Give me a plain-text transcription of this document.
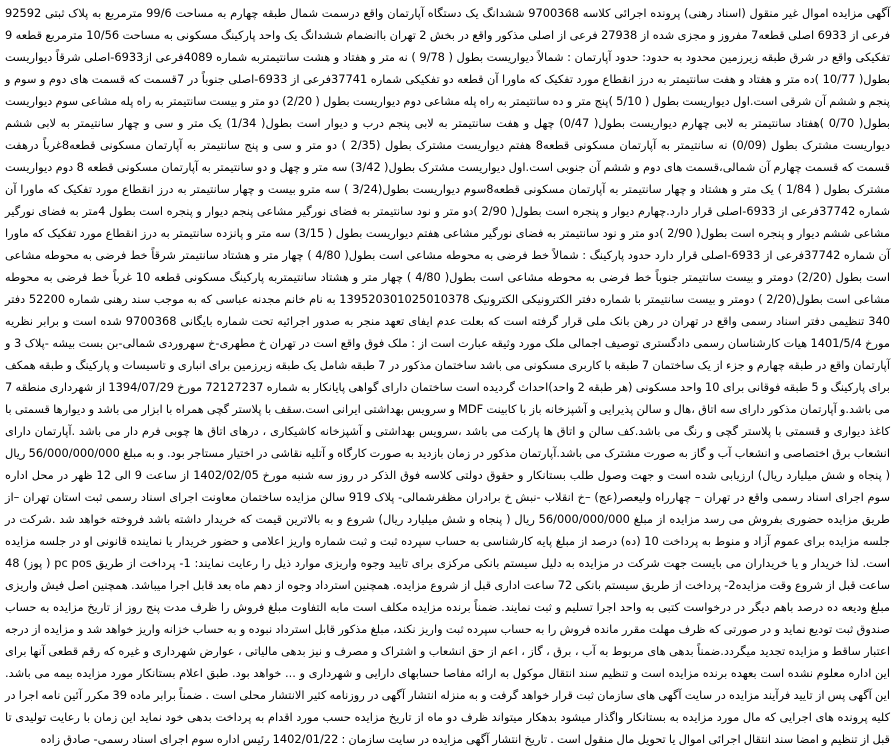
آگهی مزایده اموال غیر منقول (اسناد رهنی) پرونده اجرائی کلاسه 9700368 ششدانگ یک دستگاه آپارتمان واقع درسمت شمال طبقه چهارم به مساحت 99/6 مترمربع به پلاک ثبتی 92592 فرعی از 6933 اصلی قطعه7 مفروز و مجزی شده از 27938 فرعی از اصلی مذکور واقع در بخش 2 تهران باانضمام ششدانگ یک واحد پارکینگ مسکونی به مساحت 10/56 مترمربع قطعه 9 تفکیکی واقع در شرق طبقه زیرزمین محدود به حدود: حدود آپارتمان : شمالاً دیواریست بطول ( 9/78 ) نه متر و هفتاد و هشت سانتیمتربه شماره 4089فرعی از6933-اصلی شرقاً دیواریست بطول( 10/77 )ده متر و هفتاد و هفت سانتیمتر به درز انقطاع مورد تفکیک که ماورا آن قطعه دو تفکیکی شماره 37741فرعی از 6933-اصلی جنوباً در 7قسمت که قسمت های دوم و سوم و پنجم و ششم آن شرقی است.اول دیواریست بطول ( 5/10 )پنج متر و ده سانتیمتر به راه پله مشاعی دوم دیواریست بطول ( 2/20) دو متر و بیست سانتیمتر به راه پله مشاعی سوم دیواریست بطول( 0/70 )هفتاد سانتیمتر به لابی چهارم دیواریست بطول( 0/47) چهل و هفت سانتیمتر به لابی پنجم درب و دیوار است بطول( 1/34) یک متر و سی و چهار سانتیمتر به لابی ششم دیواریست مشترک بطول (0/09) نه سانتیمتر به آپارتمان مسکونی قطعه8 هفتم دیواریست مشترک بطول (2/35 ) دو متر و سی و پنج سانتیمتر به آپارتمان مسکونی قطعه8غرباً درهفت قسمت که قسمت چهارم آن شمالی،قسمت های دوم و ششم آن جنوبی است.اول دیواریست مشترک بطول( 3/42) سه متر و چهل و دو سانتیمتر به آپارتمان مسکونی قطعه 8 دوم دیواریست مشترک بطول ( 1/84 ) یک متر و هشتاد و چهار سانتیمتر به آپارتمان مسکونی قطعه8سوم دیواریست بطول(3/24 ) سه مترو بیست و چهار سانتیمتر به درز انقطاع مورد تفکیک که ماورا آن شماره 37742فرعی از 6933-اصلی قرار دارد.چهارم دیوار و پنجره است بطول( 2/90 )دو متر و نود سانتیمتر به فضای نورگیر مشاعی پنجم دیوار و پنجره است بطول 4متر به فضای نورگیر مشاعی ششم دیوار و پنجره است بطول( 2/90 )دو متر و نود سانتیمتر به فضای نورگیر مشاعی هفتم دیواریست بطول ( 3/15) سه متر و پانزده سانتیمتر به درز انقطاع مورد تفکیک که ماورا آن شماره 37742فرعی از 6933-اصلی قرار دارد حدود پارکینگ : شمالاً خط فرضی به محوطه مشاعی است بطول( 4/80 ) چهار متر و هشتاد سانتیمتر شرقاً خط فرضی به محوطه مشاعی است بطول (2/20) دومتر و بیست سانتیمتر جنوباً خط فرضی به محوطه مشاعی است بطول( 4/80 ) چهار متر و هشتاد سانتیمتربه پارکینگ مسکونی قطعه 10 غرباً خط فرضی به محوطه مشاعی است بطول(2/20 ) دومتر و بیست سانتیمتر با شماره دفتر الکترونیکی الکترونیک 139520301025010378 به نام خانم مجدنه عباسی که به موجب سند رهنی شماره 52200 دفتر 340 تنظیمی دفتر اسناد رسمی واقع در تهران در رهن بانک ملی قرار گرفته است که بعلت عدم ایفای تعهد منجر به صدور اجرائیه تحت شماره بایگانی 9700368 شده است و برابر نظریه مورخ 1401/5/4 هیات کارشناسان رسمی دادگستری توصیف اجمالی ملک مورد وثیقه عبارت است از : ملک فوق واقع است در تهران خ مطهری-خ سهروردی شمالی-بن بست بیشه -پلاک 3 و آپارتمان واقع در طبقه چهارم و جزء از یک ساختمان 7 طبقه با کاربری مسکونی می باشد ساختمان مذکور در 7 طبقه شامل یک طبقه زیرزمین برای انباری و تاسیسات و پارکینگ و طبقه همکف برای پارکینگ و 5 طبقه فوقانی برای 10 واحد مسکونی (هر طبقه 2 واحد)احداث گردیده است ساختمان دارای گواهی پایانکار به شماره 72127237 مورخ 1394/07/29 از شهرداری منطقه 7 می باشد.و آپارتمان مذکور دارای سه اتاق ،هال و سالن پذیرایی و آشپزخانه باز با کابینت MDF و سرویس بهداشتی ایرانی است.سقف با پلاستر گچی همراه با ابزار می باشد و دیوارها قسمتی با کاغذ دیواری و قسمتی با پلاستر گچی و رنگ می باشد.کف سالن و اتاق ها پارکت می باشد ،سرویس بهداشتی و آشپزخانه کاشیکاری ، درهای اتاق ها چوبی فرم دار می باشد .آپارتمان دارای انشعاب برق اختصاصی و انشعاب آب و گاز به صورت مشترک می باشد.آپارتمان مذکور در زمان بازدید به صورت کارگاه و آتلیه نقاشی در اختیار مستاجر بود. و به مبلغ 56/000/000/000 ریال ( پنجاه و شش میلیارد ریال) ارزیابی شده است و جهت وصول طلب بستانکار و حقوق دولتی کلاسه فوق الذکر در روز سه شنبه مورخ 1402/02/05 از ساعت 9 الی 12 ظهر در محل اداره سوم اجرای اسناد رسمی واقع در تهران – چهارراه ولیعصر(عج) –خ انقلاب -نبش خ برادران مظفرشمالی- پلاک 919 سالن مزایده ساختمان معاونت اجرای اسناد رسمی ثبت استان تهران –از طریق مزایده حضوری بفروش می رسد مزایده از مبلغ 56/000/000/000 ریال ( پنجاه و شش میلیارد ریال) شروع و به بالاترین قیمت که خریدار داشته باشد فروخته خواهد شد .شرکت در جلسه مزایده برای عموم آزاد و منوط به پرداخت 10 (ده) درصد از مبلغ پایه کارشناسی به حساب سپرده ثبت و ثبت شماره واریز اعلامی و حضور خریدار یا نماینده قانونی او در جلسه مزایده است. لذا خریدار و یا خریداران می بایست جهت شرکت در مزایده به دلیل سیستم بانکی مرکزی برای تایید وجوه واریزی موارد ذیل را رعایت نمایند: 1- پرداخت از طریق pc pos ( پوز) 48 ساعت قبل از شروع وقت مزایده2- پرداخت از طریق سیستم بانکی 72 ساعت اداری قبل از شروع مزایده. همچنین استرداد وجوه از دهم ماه بعد قابل اجرا میباشد. همچنین اصل فیش واریزی مبلغ ودیعه ده درصد باهم دیگر در درخواست کتبی به واحد اجرا تسلیم و ثبت نمایند. ضمناً برنده مزایده مکلف است مابه التفاوت مبلغ فروش را ظرف مدت پنج روز از تاریخ مزایده به حساب صندوق ثبت تودیع نماید و در صورتی که ظرف مهلت مقرر مانده فروش را به حساب سپرده ثبت واریز نکند، مبلغ مذکور قابل استرداد نبوده و به حساب خزانه واریز خواهد شد و مزایده از درجه اعتبار ساقط و مزایده تجدید میگردد.ضمناً بدهی های مربوط به آب ، برق ، گاز ، اعم از حق انشعاب و اشتراک و مصرف و نیز بدهی مالیاتی ، عوارض شهرداری و غیره که رقم قطعی آنها برای این اداره معلوم نشده است بعهده برنده مزایده است و تنظیم سند انتقال موکول به ارائه مفاصا حسابهای دارایی و شهرداری و ... خواهد بود. طبق اعلام بستانکار مورد مزایده بیمه می باشد. این آگهی پس از تایید فرآیند مزایده در سایت آگهی های سازمان ثبت قرار خواهد گرفت و به منزله انتشار آگهی در روزنامه کثیر الانتشار محلی است . ضمناً برابر ماده 39 مکرر آئین نامه اجرا در کلیه پرونده های اجرایی که مال مورد مزایده به بستانکار واگذار میشود بدهکار میتواند ظرف دو ماه از تاریخ مزایده حسب مورد اقدام به پرداخت بدهی خود نماید این زمان با رعایت تولیدی تا قبل از تنظیم و امضا سند انتقال اجرائی اموال یا تحویل مال منقول است . تاریخ انتشار آگهی مزایده در سایت سازمان : 1402/01/22 رئیس اداره سوم اجرای اسناد رسمی- صادق زاده
